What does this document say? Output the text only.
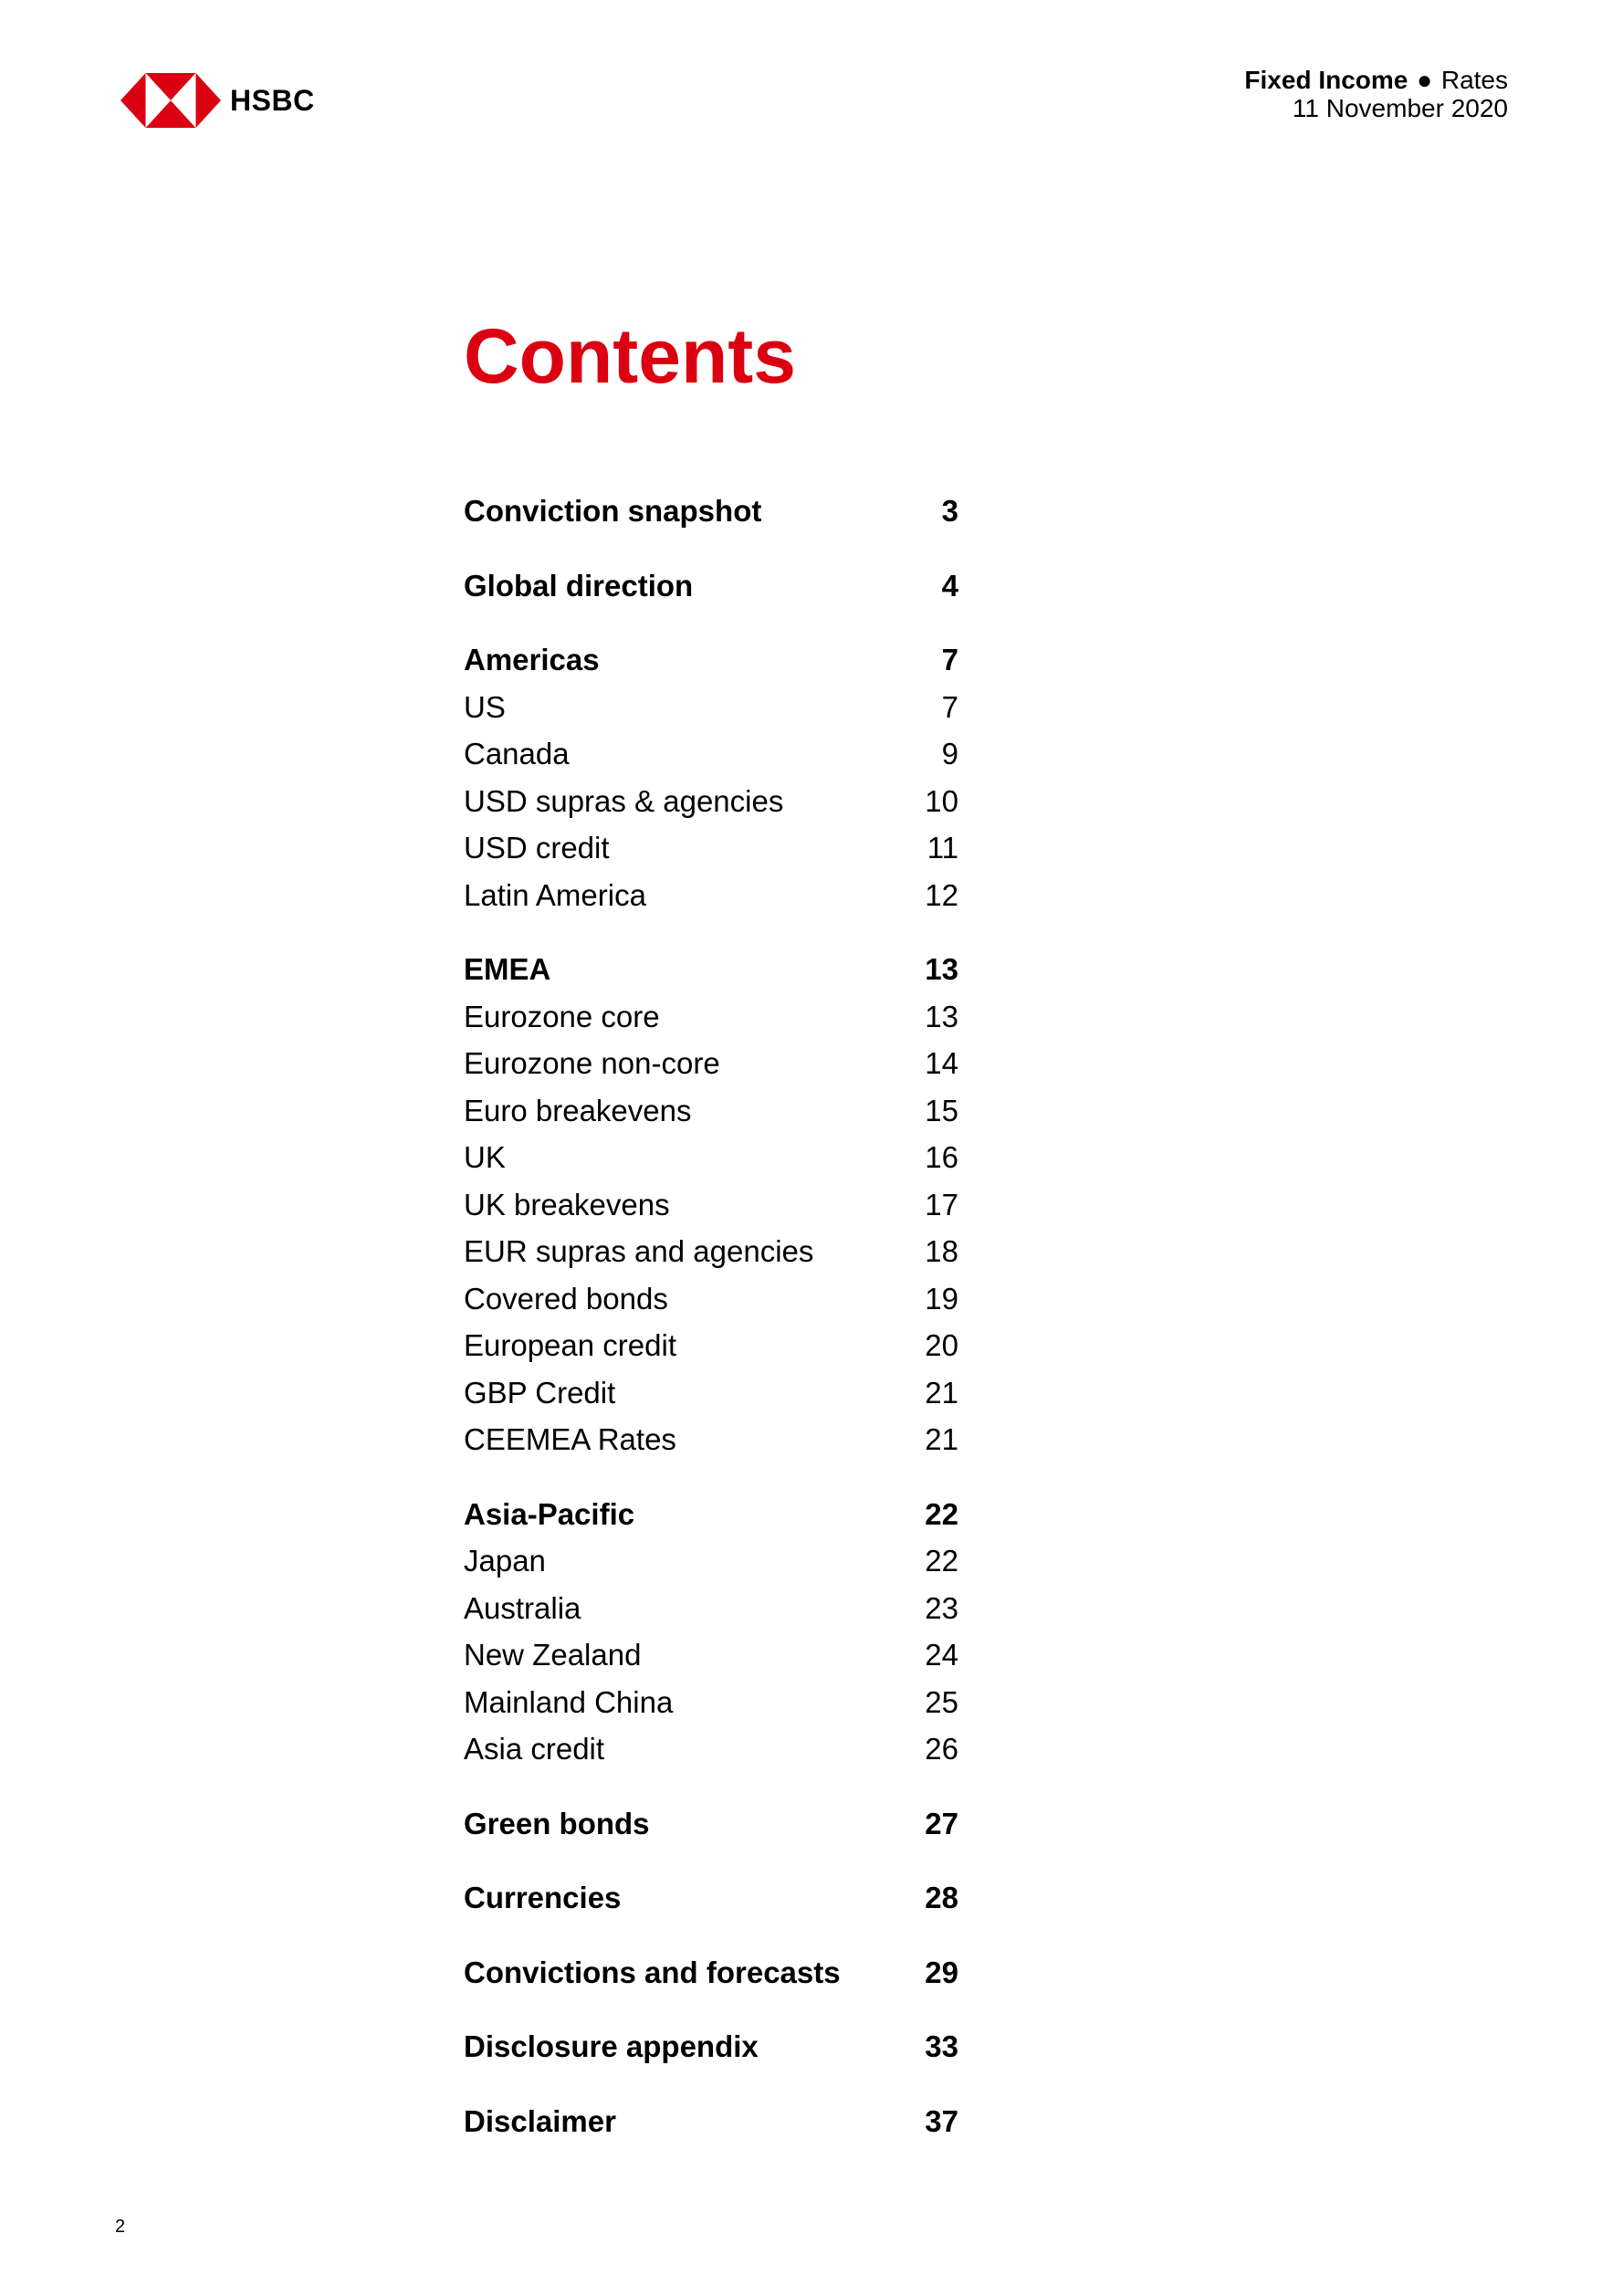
HSBC
Fixed Income ● Rates
11 November 2020
Contents
Conviction snapshot	3
Global direction	4
Americas	7
US	7
Canada	9
USD supras & agencies	10
USD credit	11
Latin America	12
EMEA	13
Eurozone core	13
Eurozone non-core	14
Euro breakevens	15
UK	16
UK breakevens	17
EUR supras and agencies	18
Covered bonds	19
European credit	20
GBP Credit	21
CEEMEA Rates	21
Asia-Pacific	22
Japan	22
Australia	23
New Zealand	24
Mainland China	25
Asia credit	26
Green bonds	27
Currencies	28
Convictions and forecasts	29
Disclosure appendix	33
Disclaimer	37
2
